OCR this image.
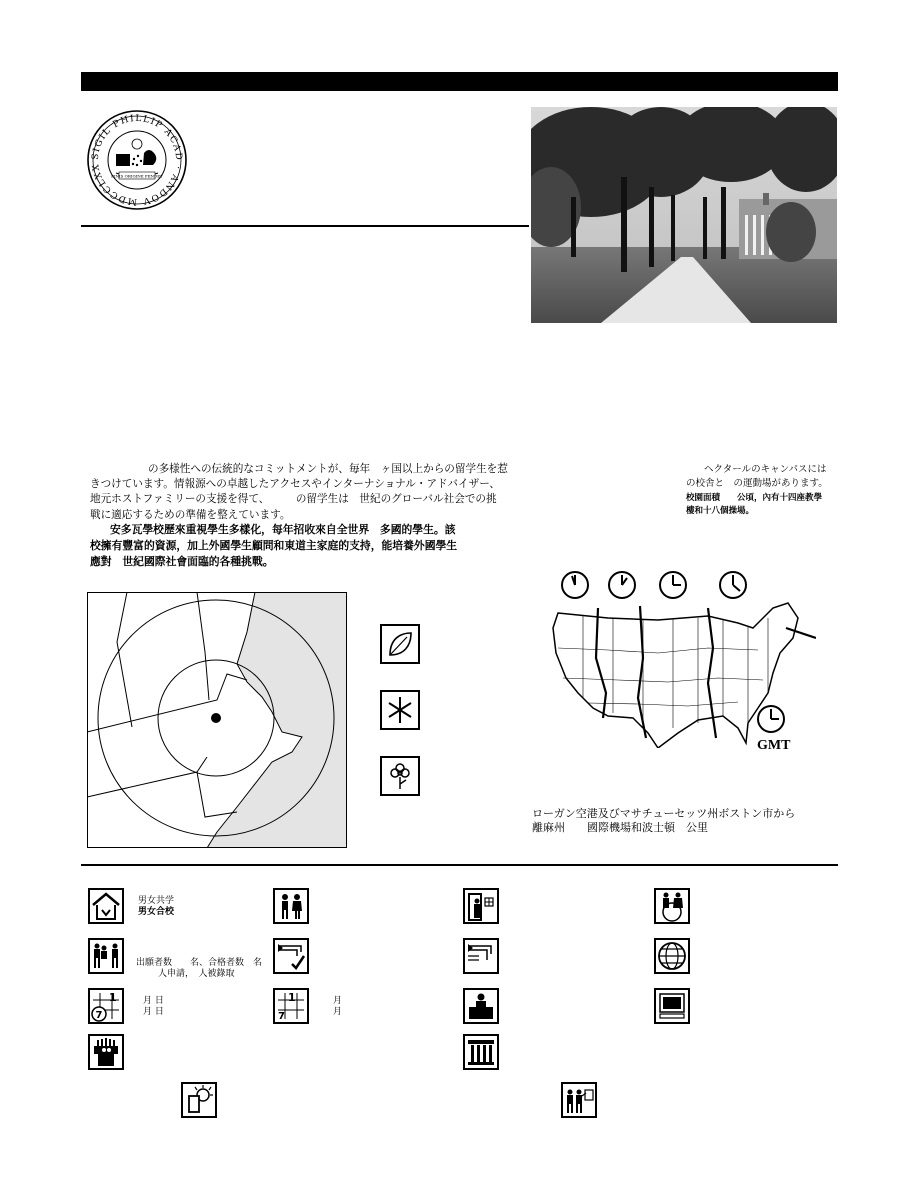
SIGIL PHILLIP ACAD · ANDOV MDCCLXX
FINIS ORIGINE PENDET
の多様性への伝統的なコミットメントが、毎年　ヶ国以上からの留学生を惹
きつけています。情報源への卓越したアクセスやインターナショナル・アドバイザー、
地元ホストファミリーの支援を得て、　　　の留学生は　世紀のグローバル社会での挑
戦に適応するための準備を整えています。
安多瓦學校歷來重視學生多樣化，每年招收來自全世界　多國的學生。該
校擁有豐富的資源，加上外國學生顧問和東道主家庭的支持，能培養外國學生
應對　世紀國際社會面臨的各種挑戰。
ヘクタールのキャンパスには
の校舎と　の運動場があります。
校園面積　　公頃，內有十四座教學
樓和十八個操場。
GMT
ローガン空港及びマサチューセッツ州ボストン市から
離麻州　　國際機場和波士頓　公里
男女共学
男女合校
出願者数　　名、合格者数　名
人申請，　人被錄取
1
7
月 日
月 日
1
7
月
月
